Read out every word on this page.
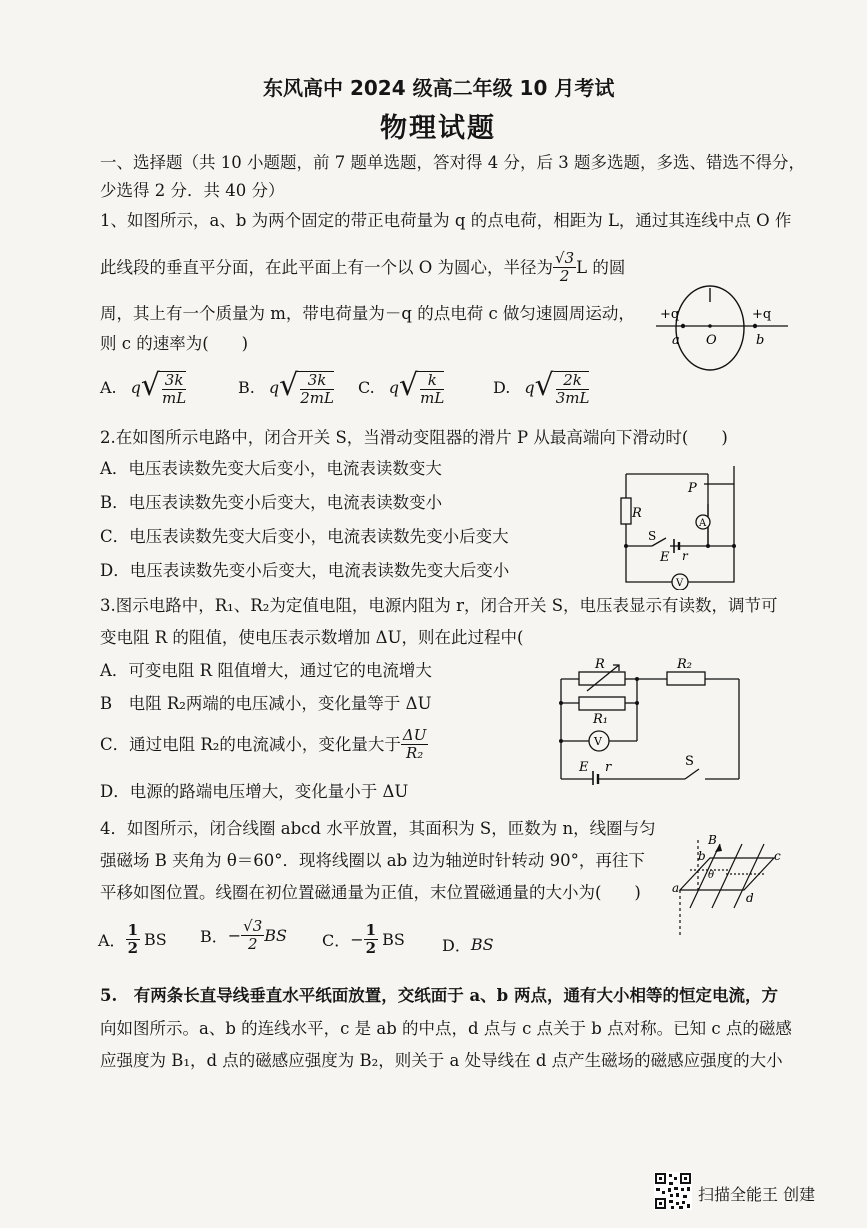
东风高中 2024 级高二年级 10 月考试
物理试题
一、选择题（共 10 小题题，前 7 题单选题，答对得 4 分，后 3 题多选题，多选、错选不得分，
少选得 2 分．共 40 分）
1、如图所示，a、b 为两个固定的带正电荷量为 q 的点电荷，相距为 L，通过其连线中点 O 作
此线段的垂直平分面，在此平面上有一个以 O 为圆心，半径为 $\frac{√3}{2}$ L 的圆
周，其上有一个质量为 m，带电荷量为－q 的点电荷 c 做匀速圆周运动，
则 c 的速率为(　　)
+q	+q
a O	b
A. q √ $\frac{3k}{mL}$	B. q √ $\frac{3k}{2mL} C$. q √ $\frac{k}{mL}$	D. q √ $\frac{2k}{3mL}$
2.在如图所示电路中，闭合开关 S，当滑动变阻器的滑片 P 从最高端向下滑动时(　　)
A．电压表读数先变大后变小，电流表读数变大
B．电压表读数先变小后变大，电流表读数变小
C．电压表读数先变大后变小，电流表读数先变小后变大
D．电压表读数先变小后变大，电流表读数先变大后变小
R
P
S
E r
A
V
3.图示电路中，R₁、R₂为定值电阻，电源内阻为 r，闭合开关 S，电压表显示有读数，调节可
变电阻 R 的阻值，使电压表示数增加 ΔU，则在此过程中(
A．可变电阻 R 阻值增大，通过它的电流增大
B　电阻 R₂两端的电压减小，变化量等于 ΔU
C．通过电阻 R₂的电流减小，变化量大于 $\frac{\Delta U}{\text{R₂}}$
D．电源的路端电压增大，变化量小于 ΔU
R	R₂
R₁
V
E r	S
4．如图所示，闭合线圈 abcd 水平放置，其面积为 S，匝数为 n，线圈与匀
强磁场 B 夹角为 θ＝60°．现将线圈以 ab 边为轴逆时针转动 90°，再往下
平移如图位置。线圈在初位置磁通量为正值，末位置磁通量的大小为(　　)
A． $\frac{1}{2}$ BS B． − $\frac{√3}{2}$ BS C． − $\frac{1}{2}$ BS D． BS
B
a
b	c
d
θ
5.　有两条长直导线垂直水平纸面放置，交纸面于 a、b 两点，通有大小相等的恒定电流，方
向如图所示。a、b 的连线水平，c 是 ab 的中点，d 点与 c 点关于 b 点对称。已知 c 点的磁感
应强度为 B₁，d 点的磁感应强度为 B₂，则关于 a 处导线在 d 点产生磁场的磁感应强度的大小
扫描全能王 创建
